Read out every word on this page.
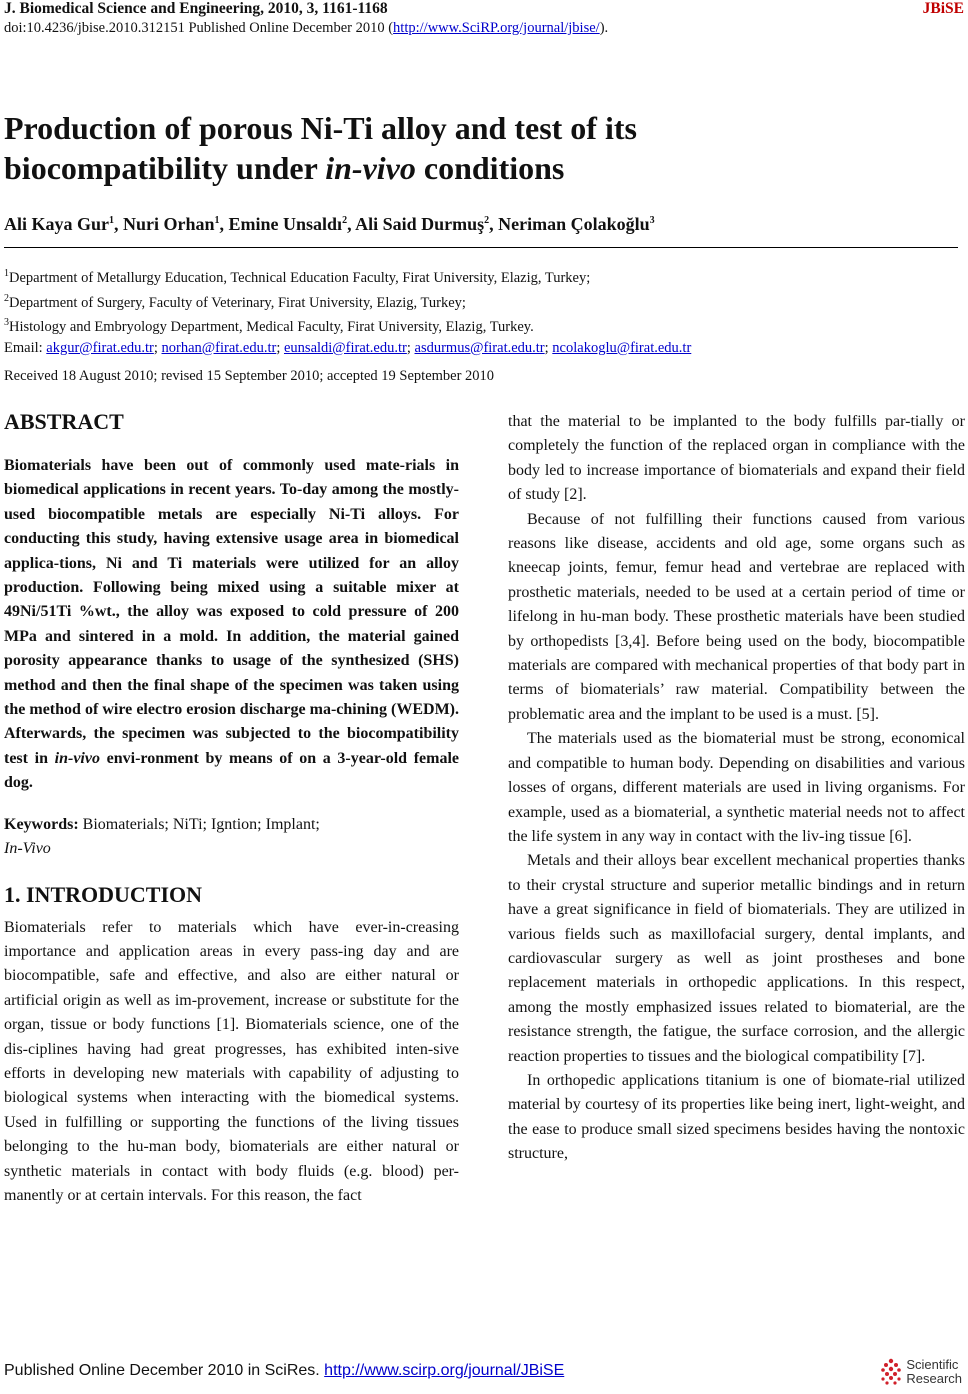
J. Biomedical Science and Engineering, 2010, 3, 1161-1168	JBiSE
doi:10.4236/jbise.2010.312151 Published Online December 2010 (http://www.SciRP.org/journal/jbise/).
Production of porous Ni-Ti alloy and test of its
biocompatibility under in-vivo conditions
Ali Kaya Gur$^1$, Nuri Orhan$^1$, Emine Unsaldı$^2$, Ali Said Durmuş$^2$, Neriman Çolakoğlu$^3$
$^1$Department of Metallurgy Education, Technical Education Faculty, Firat University, Elazig, Turkey;
$^2$Department of Surgery, Faculty of Veterinary, Firat University, Elazig, Turkey;
$^3$Histology and Embryology Department, Medical Faculty, Firat University, Elazig, Turkey.
Email: akgur@firat.edu.tr; norhan@firat.edu.tr; eunsaldi@firat.edu.tr; asdurmus@firat.edu.tr; ncolakoglu@firat.edu.tr
Received 18 August 2010; revised 15 September 2010; accepted 19 September 2010
ABSTRACT

Biomaterials have been out of commonly used mate-rials in biomedical applications in recent years. To-day among the mostly-used biocompatible metals are especially Ni-Ti alloys. For conducting this study, having extensive usage area in biomedical applica-tions, Ni and Ti materials were utilized for an alloy production. Following being mixed using a suitable mixer at 49Ni/51Ti %wt., the alloy was exposed to cold pressure of 200 MPa and sintered in a mold. In addition, the material gained porosity appearance thanks to usage of the synthesized (SHS) method and then the final shape of the specimen was taken using the method of wire electro erosion discharge ma-chining (WEDM). Afterwards, the specimen was subjected to the biocompatibility test in in-vivo envi-ronment by means of on a 3-year-old female dog.

Keywords: Biomaterials; NiTi; Igntion; Implant;
In-Vivo

1. INTRODUCTION

Biomaterials refer to materials which have ever-in-creasing importance and application areas in every pass-ing day and are biocompatible, safe and effective, and also are either natural or artificial origin as well as im-provement, increase or substitute for the organ, tissue or body functions [1]. Biomaterials science, one of the dis-ciplines having had great progresses, has exhibited inten-sive efforts in developing new materials with capability of adjusting to biological systems when interacting with the biomedical systems. Used in fulfilling or supporting the functions of the living tissues belonging to the hu-man body, biomaterials are either natural or synthetic materials in contact with body fluids (e.g. blood) per-manently or at certain intervals. For this reason, the fact

that the material to be implanted to the body fulfills par-tially or completely the function of the replaced organ in compliance with the body led to increase importance of biomaterials and expand their field of study [2].

Because of not fulfilling their functions caused from various reasons like disease, accidents and old age, some organs such as kneecap joints, femur, femur head and vertebrae are replaced with prosthetic materials, needed to be used at a certain period of time or lifelong in hu-man body. These prosthetic materials have been studied by orthopedists [3,4]. Before being used on the body, biocompatible materials are compared with mechanical properties of that body part in terms of biomaterials’ raw material. Compatibility between the problematic area and the implant to be used is a must. [5].

The materials used as the biomaterial must be strong, economical and compatible to human body. Depending on disabilities and various losses of organs, different materials are used in living organisms. For example, used as a biomaterial, a synthetic material needs not to affect the life system in any way in contact with the liv-ing tissue [6].

Metals and their alloys bear excellent mechanical properties thanks to their crystal structure and superior metallic bindings and in return have a great significance in field of biomaterials. They are utilized in various fields such as maxillofacial surgery, dental implants, and cardiovascular surgery as well as joint prostheses and bone replacement materials in orthopedic applications. In this respect, among the mostly emphasized issues related to biomaterial, are the resistance strength, the fatigue, the surface corrosion, and the allergic reaction properties to tissues and the biological compatibility [7].

In orthopedic applications titanium is one of biomate-rial utilized material by courtesy of its properties like being inert, light-weight, and the ease to produce small sized specimens besides having the nontoxic structure,

Published Online December 2010 in SciRes. http://www.scirp.org/journal/JBiSE	Scientific
Research
